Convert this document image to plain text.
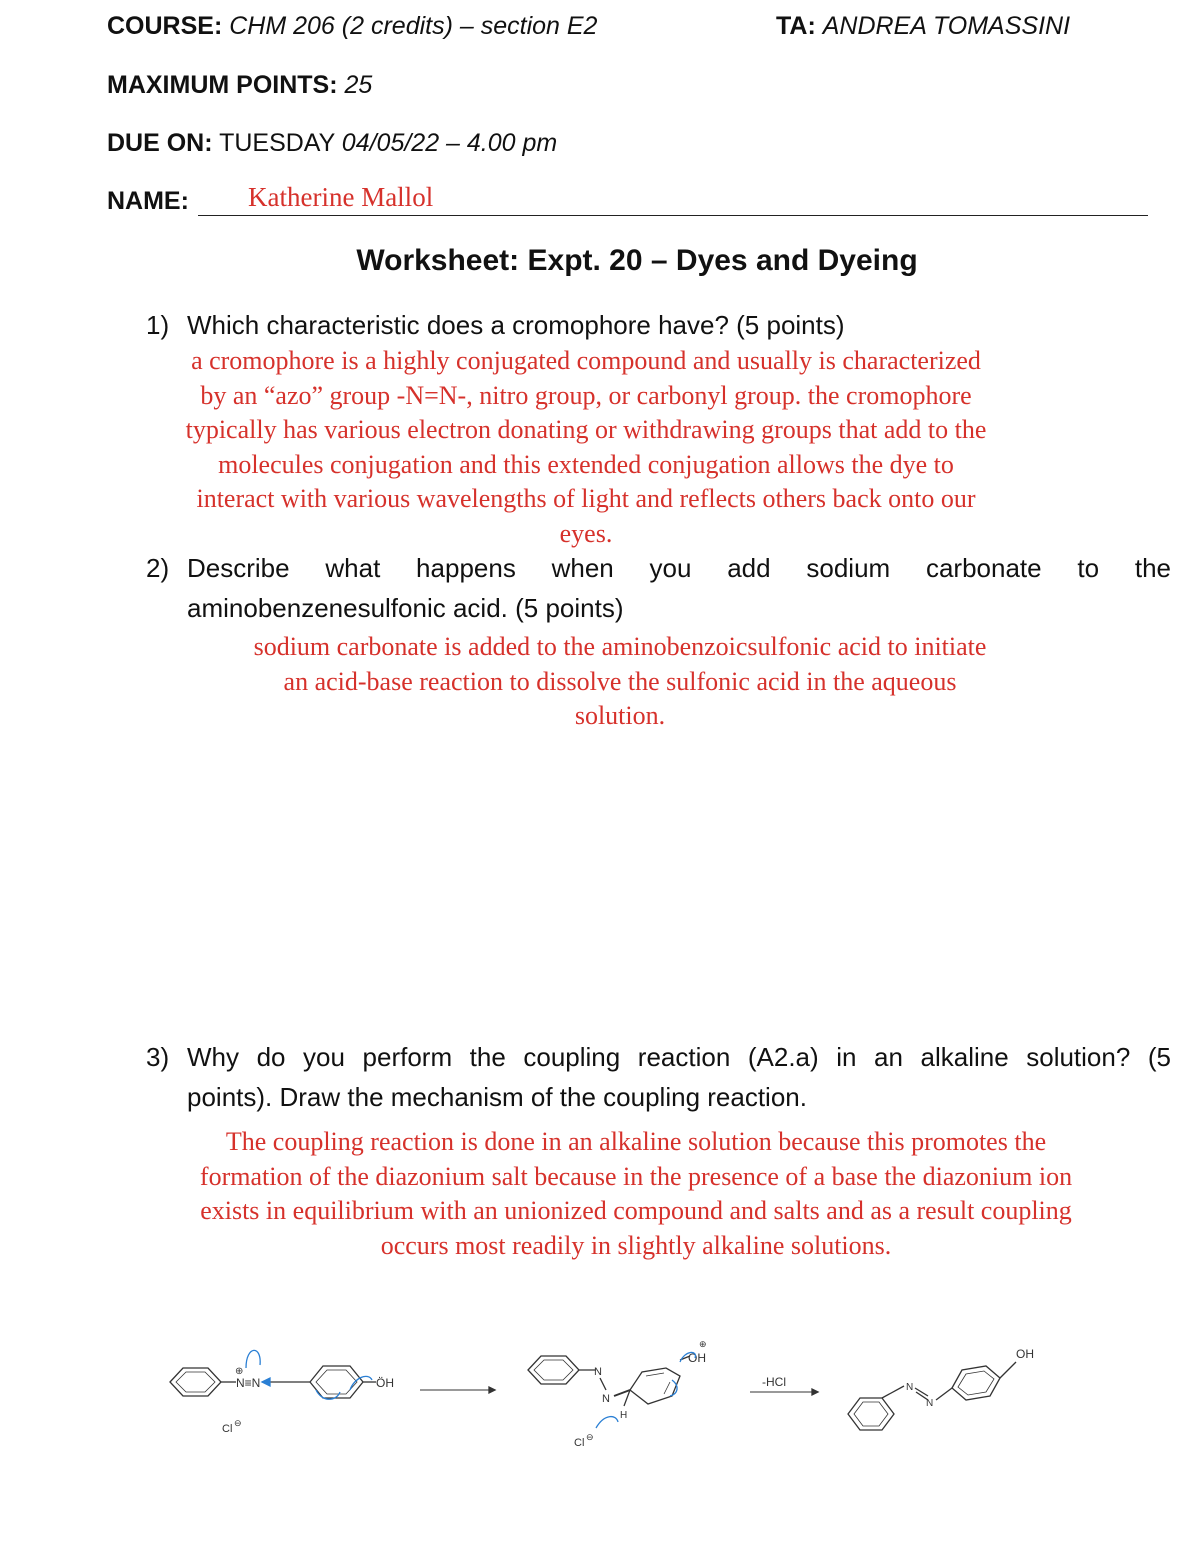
COURSE: CHM 206 (2 credits) – section E2	TA: ANDREA TOMASSINI
MAXIMUM POINTS: 25
DUE ON: TUESDAY 04/05/22 – 4.00 pm
NAME: Katherine Mallol
Worksheet: Expt. 20 – Dyes and Dyeing
1) Which characteristic does a cromophore have? (5 points)
a cromophore is a highly conjugated compound and usually is characterized
by an “azo” group -N=N-, nitro group, or carbonyl group. the cromophore
typically has various electron donating or withdrawing groups that add to the
molecules conjugation and this extended conjugation allows the dye to
interact with various wavelengths of light and reflects others back onto our
eyes.
2) Describe what happens when you add sodium carbonate to the
aminobenzenesulfonic acid. (5 points)
sodium carbonate is added to the aminobenzoicsulfonic acid to initiate
an acid-base reaction to dissolve the sulfonic acid in the aqueous
solution.
3) Why do you perform the coupling reaction (A2.a) in an alkaline solution? (5
points). Draw the mechanism of the coupling reaction.
The coupling reaction is done in an alkaline solution because this promotes the
formation of the diazonium salt because in the presence of a base the diazonium ion
exists in equilibrium with an unionized compound and salts and as a result coupling
occurs most readily in slightly alkaline solutions.
N≡N
⊕
Cl ⊖
ÖH
N
N
OH
⊕
H
Cl ⊖
-HCl	N
N
OH
